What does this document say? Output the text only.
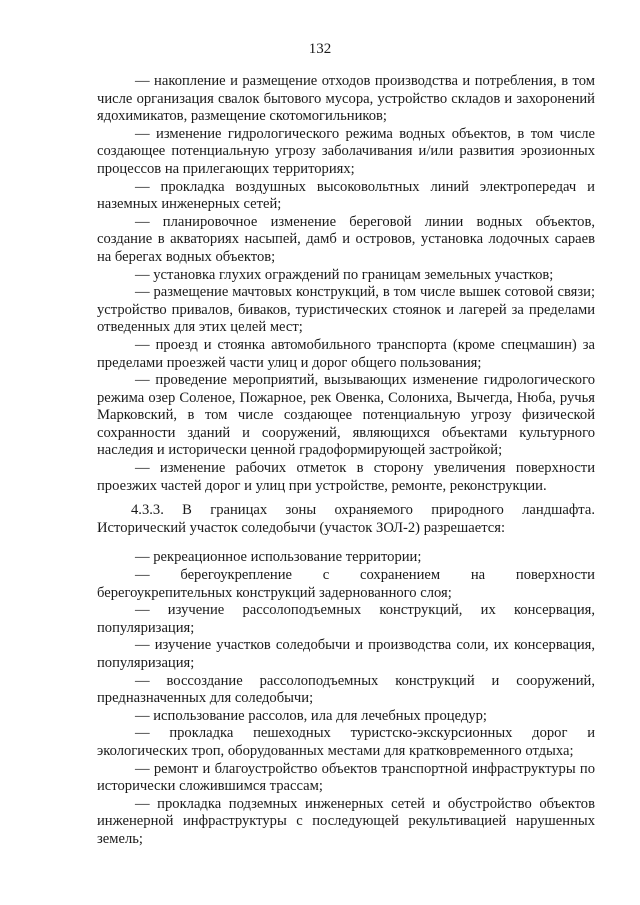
132

— накопление и размещение отходов производства и потребления, в том числе организация свалок бытового мусора, устройство складов и захоронений ядохимикатов, размещение скотомогильников;

— изменение гидрологического режима водных объектов, в том числе создающее потенциальную угрозу заболачивания и/или развития эрозионных процессов на прилегающих территориях;

— прокладка воздушных высоковольтных линий электропередач и наземных инженерных сетей;

— планировочное изменение береговой линии водных объектов, создание в акваториях насыпей, дамб и островов, установка лодочных сараев на берегах водных объектов;

— установка глухих ограждений по границам земельных участков;

— размещение мачтовых конструкций, в том числе вышек сотовой связи; устройство привалов, биваков, туристических стоянок и лагерей за пределами отведенных для этих целей мест;

— проезд и стоянка автомобильного транспорта (кроме спецмашин) за пределами проезжей части улиц и дорог общего пользования;

— проведение мероприятий, вызывающих изменение гидрологического режима озер Соленое, Пожарное, рек Овенка, Солониха, Вычегда, Нюба, ручья Марковский, в том числе создающее потенциальную угрозу физической сохранности зданий и сооружений, являющихся объектами культурного наследия и исторически ценной градоформирующей застройкой;

— изменение рабочих отметок в сторону увеличения поверхности проезжих частей дорог и улиц при устройстве, ремонте, реконструкции.

4.3.3. В границах зоны охраняемого природного ландшафта. Исторический участок соледобычи (участок ЗОЛ-2) разрешается:

— рекреационное использование территории;

— берегоукрепление с сохранением на поверхности берегоукрепительных конструкций задернованного слоя;

— изучение рассолоподъемных конструкций, их консервация, популяризация;

— изучение участков соледобычи и производства соли, их консервация, популяризация;

— воссоздание рассолоподъемных конструкций и сооружений, предназначенных для соледобычи;

— использование рассолов, ила для лечебных процедур;

— прокладка пешеходных туристско-экскурсионных дорог и экологических троп, оборудованных местами для кратковременного отдыха;

— ремонт и благоустройство объектов транспортной инфраструктуры по исторически сложившимся трассам;

— прокладка подземных инженерных сетей и обустройство объектов инженерной инфраструктуры с последующей рекультивацией нарушенных земель;
